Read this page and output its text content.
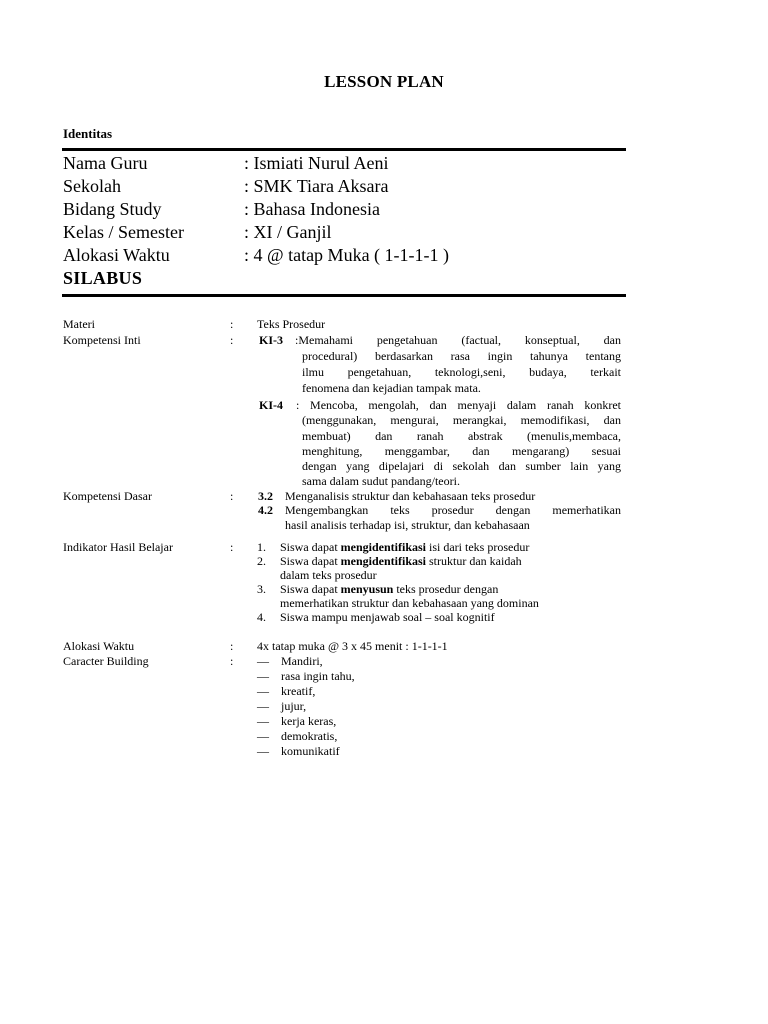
LESSON PLAN
Identitas
Nama Guru	: Ismiati Nurul Aeni
Sekolah	: SMK Tiara Aksara
Bidang Study	: Bahasa Indonesia
Kelas / Semester	: XI / Ganjil
Alokasi Waktu	: 4 @ tatap Muka ( 1-1-1-1 )
SILABUS
Materi	: Teks Prosedur
Kompetensi Inti	: KI-3 :Memahami pengetahuan (factual, konseptual, dan
procedural) berdasarkan rasa ingin tahunya tentang
ilmu pengetahuan, teknologi,seni, budaya, terkait
fenomena dan kejadian tampak mata.
KI-4 : Mencoba, mengolah, dan menyaji dalam ranah konkret
(menggunakan, mengurai, merangkai, memodifikasi, dan
membuat) dan ranah abstrak (menulis,membaca,
menghitung, menggambar, dan mengarang) sesuai
dengan yang dipelajari di sekolah dan sumber lain yang
sama dalam sudut pandang/teori.
Kompetensi Dasar	: 3.2 Menganalisis struktur dan kebahasaan teks prosedur
4.2 Mengembangkan teks prosedur dengan memerhatikan
hasil analisis terhadap isi, struktur, dan kebahasaan
Indikator Hasil Belajar	: 1. Siswa dapat mengidentifikasi isi dari teks prosedur
2. Siswa dapat mengidentifikasi struktur dan kaidah
dalam teks prosedur
3. Siswa dapat menyusun teks prosedur dengan
memerhatikan struktur dan kebahasaan yang dominan
4. Siswa mampu menjawab soal – soal kognitif
Alokasi Waktu	: 4x tatap muka @ 3 x 45 menit : 1-1-1-1
Caracter Building	: — Mandiri,
— rasa ingin tahu,
— kreatif,
— jujur,
— kerja keras,
— demokratis,
— komunikatif
